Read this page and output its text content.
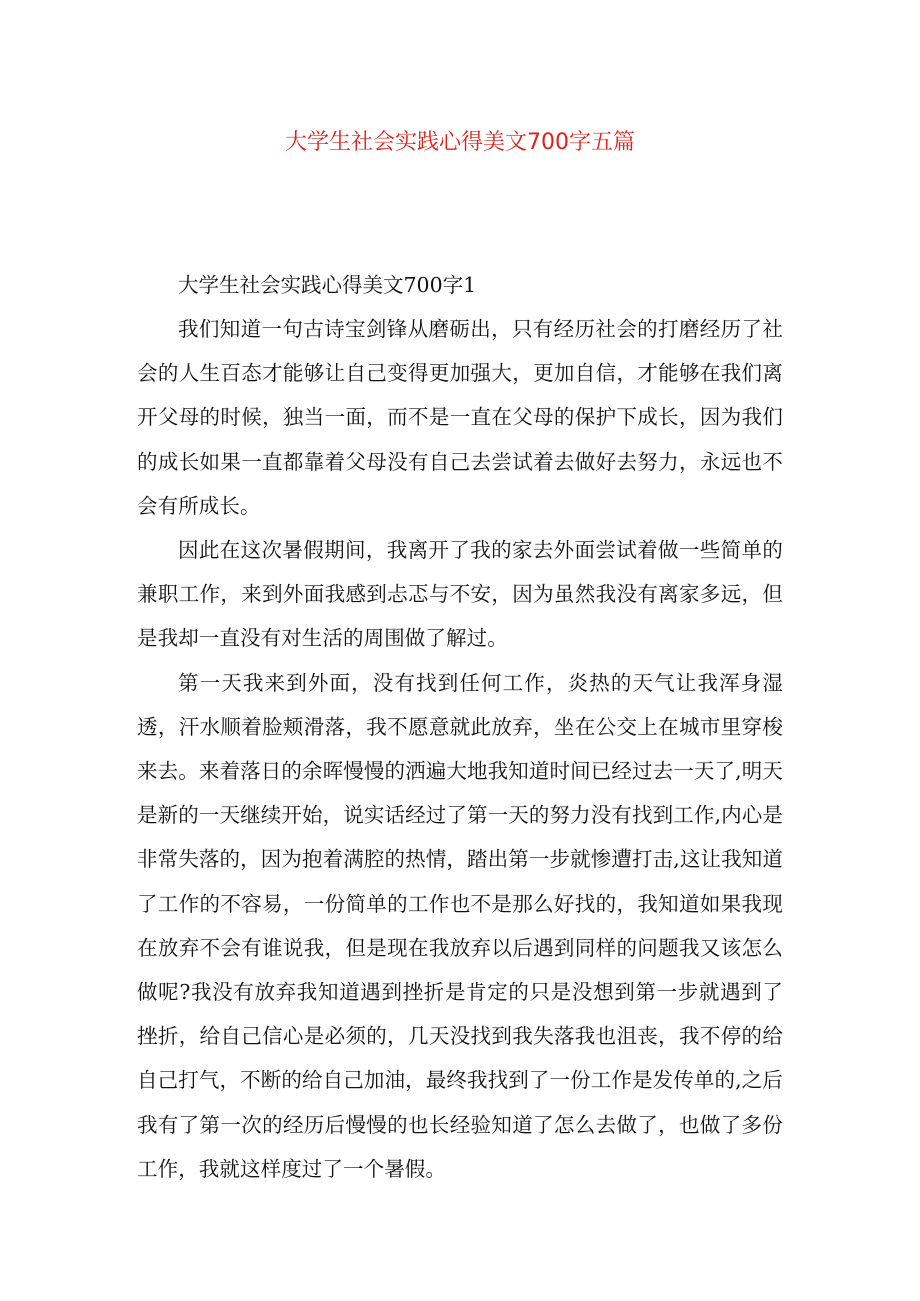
大学生社会实践心得美文700字五篇
大学生社会实践心得美文700字1

我们知道一句古诗宝剑锋从磨砺出，只有经历社会的打磨经历了社会的人生百态才能够让自己变得更加强大，更加自信，才能够在我们离开父母的时候，独当一面，而不是一直在父母的保护下成长，因为我们的成长如果一直都靠着父母没有自己去尝试着去做好去努力，永远也不会有所成长。

因此在这次暑假期间，我离开了我的家去外面尝试着做一些简单的兼职工作，来到外面我感到忐忑与不安，因为虽然我没有离家多远，但是我却一直没有对生活的周围做了解过。

第一天我来到外面，没有找到任何工作，炎热的天气让我浑身湿透，汗水顺着脸颊滑落，我不愿意就此放弃，坐在公交上在城市里穿梭来去。来着落日的余晖慢慢的洒遍大地我知道时间已经过去一天了,明天是新的一天继续开始，说实话经过了第一天的努力没有找到工作,内心是非常失落的，因为抱着满腔的热情，踏出第一步就惨遭打击,这让我知道了工作的不容易，一份简单的工作也不是那么好找的，我知道如果我现在放弃不会有谁说我，但是现在我放弃以后遇到同样的问题我又该怎么做呢?我没有放弃我知道遇到挫折是肯定的只是没想到第一步就遇到了挫折，给自己信心是必须的，几天没找到我失落我也沮丧，我不停的给自己打气，不断的给自己加油，最终我找到了一份工作是发传单的,之后我有了第一次的经历后慢慢的也长经验知道了怎么去做了，也做了多份工作，我就这样度过了一个暑假。
